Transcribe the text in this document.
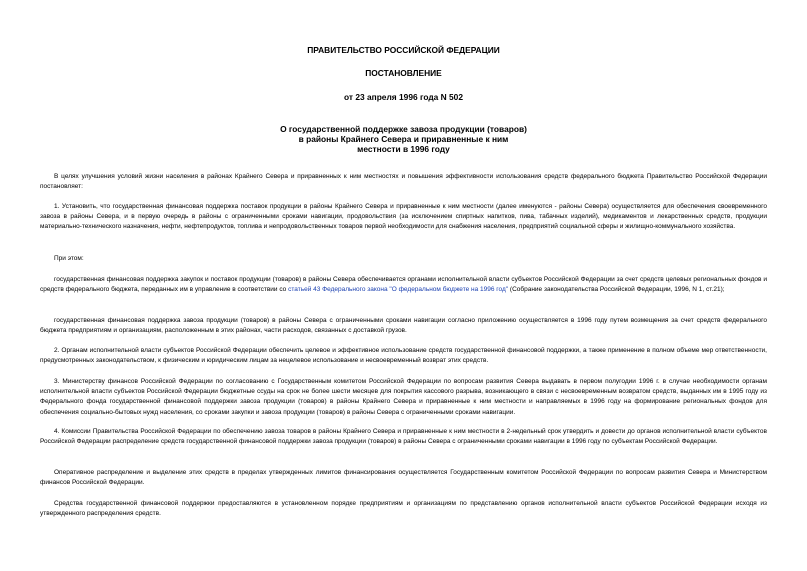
ПРАВИТЕЛЬСТВО РОССИЙСКОЙ ФЕДЕРАЦИИ
ПОСТАНОВЛЕНИЕ
от 23 апреля 1996 года N 502
О государственной поддержке завоза продукции (товаров)
в районы Крайнего Севера и приравненные к ним
местности в 1996 году

В целях улучшения условий жизни населения в районах Крайнего Севера и приравненных к ним местностях и повышения эффективности использования средств федерального бюджета Правительство Российской Федерации постановляет:

1. Установить, что государственная финансовая поддержка поставок продукции в районы Крайнего Севера и приравненные к ним местности (далее именуются - районы Севера) осуществляется для обеспечения своевременного завоза в районы Севера, и в первую очередь в районы с ограниченными сроками навигации, продовольствия (за исключением спиртных напитков, пива, табачных изделий), медикаментов и лекарственных средств, продукции материально-технического назначения, нефти, нефтепродуктов, топлива и непродовольственных товаров первой необходимости для снабжения населения, предприятий социальной сферы и жилищно-коммунального хозяйства.

При этом:

государственная финансовая поддержка закупок и поставок продукции (товаров) в районы Севера обеспечивается органами исполнительной власти субъектов Российской Федерации за счет средств целевых региональных фондов и средств федерального бюджета, переданных им в управление в соответствии со статьей 43 Федерального закона "О федеральном бюджете на 1996 год" (Собрание законодательства Российской Федерации, 1996, N 1, ст.21);

государственная финансовая поддержка завоза продукции (товаров) в районы Севера с ограниченными сроками навигации согласно приложению осуществляется в 1996 году путем возмещения за счет средств федерального бюджета предприятиям и организациям, расположенным в этих районах, части расходов, связанных с доставкой грузов.

2. Органам исполнительной власти субъектов Российской Федерации обеспечить целевое и эффективное использование средств государственной финансовой поддержки, а также применение в полном объеме мер ответственности, предусмотренных законодательством, к физическим и юридическим лицам за нецелевое использование и несвоевременный возврат этих средств.

3. Министерству финансов Российской Федерации по согласованию с Государственным комитетом Российской Федерации по вопросам развития Севера выдавать в первом полугодии 1996 г. в случае необходимости органам исполнительной власти субъектов Российской Федерации бюджетные ссуды на срок не более шести месяцев для покрытия кассового разрыва, возникающего в связи с несвоевременным возвратом средств, выданных им в 1995 году из Федерального фонда государственной финансовой поддержки завоза продукции (товаров) в районы Крайнего Севера и приравненные к ним местности и направляемых в 1996 году на формирование региональных фондов для обеспечения социально-бытовых нужд населения, со сроками закупки и завоза продукции (товаров) в районы Севера с ограниченными сроками навигации.

4. Комиссии Правительства Российской Федерации по обеспечению завоза товаров в районы Крайнего Севера и приравненные к ним местности в 2-недельный срок утвердить и довести до органов исполнительной власти субъектов Российской Федерации распределение средств государственной финансовой поддержки завоза продукции (товаров) в районы Севера с ограниченными сроками навигации в 1996 году по субъектам Российской Федерации.

Оперативное распределение и выделение этих средств в пределах утвержденных лимитов финансирования осуществляется Государственным комитетом Российской Федерации по вопросам развития Севера и Министерством финансов Российской Федерации.

Средства государственной финансовой поддержки предоставляются в установленном порядке предприятиям и организациям по представлению органов исполнительной власти субъектов Российской Федерации исходя из утвержденного распределения средств.
